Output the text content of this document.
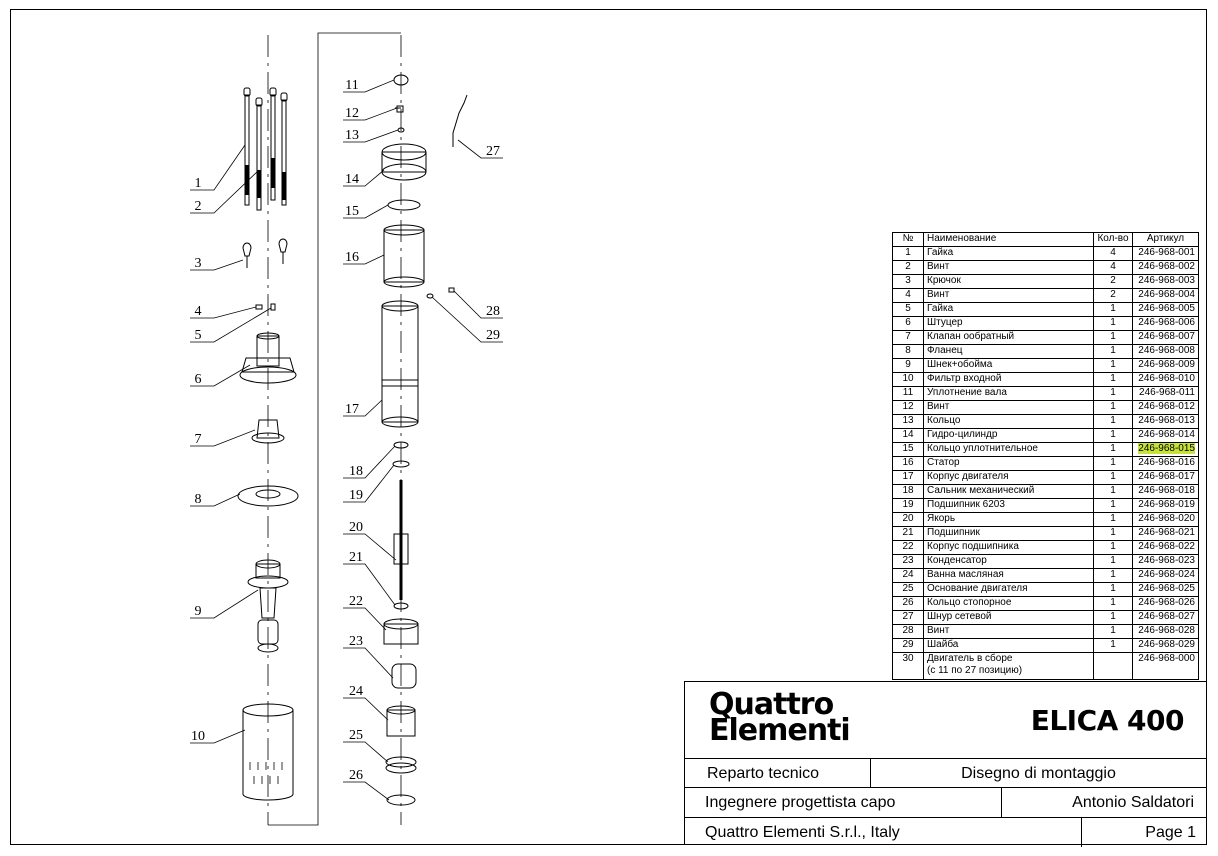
1
2
3
4
5
6
7
8
9
10
11
12
13
14
15
16
17
18
19
20
21
22
23
24
25
26
27
28
29
№	Наименование	Кол-во	Артикул
1	Гайка	4	246-968-001
2	Винт	4	246-968-002
3	Крючок	2	246-968-003
4	Винт	2	246-968-004
5	Гайка	1	246-968-005
6	Штуцер	1	246-968-006
7	Клапан ообратный	1	246-968-007
8	Фланец	1	246-968-008
9	Шнек+обойма	1	246-968-009
10	Фильтр входной	1	246-968-010
11	Уплотнение вала	1	246-968-011
12	Винт	1	246-968-012
13	Кольцо	1	246-968-013
14	Гидро-цилиндр	1	246-968-014
15	Кольцо уплотнительное	1	246-968-015
16	Статор	1	246-968-016
17	Корпус двигателя	1	246-968-017
18	Сальник механический	1	246-968-018
19	Подшипник 6203	1	246-968-019
20	Якорь	1	246-968-020
21	Подшипник	1	246-968-021
22	Корпус подшипника	1	246-968-022
23	Конденсатор	1	246-968-023
24	Ванна масляная	1	246-968-024
25	Основание двигателя	1	246-968-025
26	Кольцо стопорное	1	246-968-026
27	Шнур сетевой	1	246-968-027
28	Винт	1	246-968-028
29	Шайба	1	246-968-029
30	Двигатель в сборе
(с 11 по 27 позицию)		246-968-000
Quattro
Elementi	ELICA 400
Reparto tecnico	Disegno di montaggio
Ingegnere progettista capo	Antonio Saldatori
Quattro Elementi S.r.l., Italy	Page 1
